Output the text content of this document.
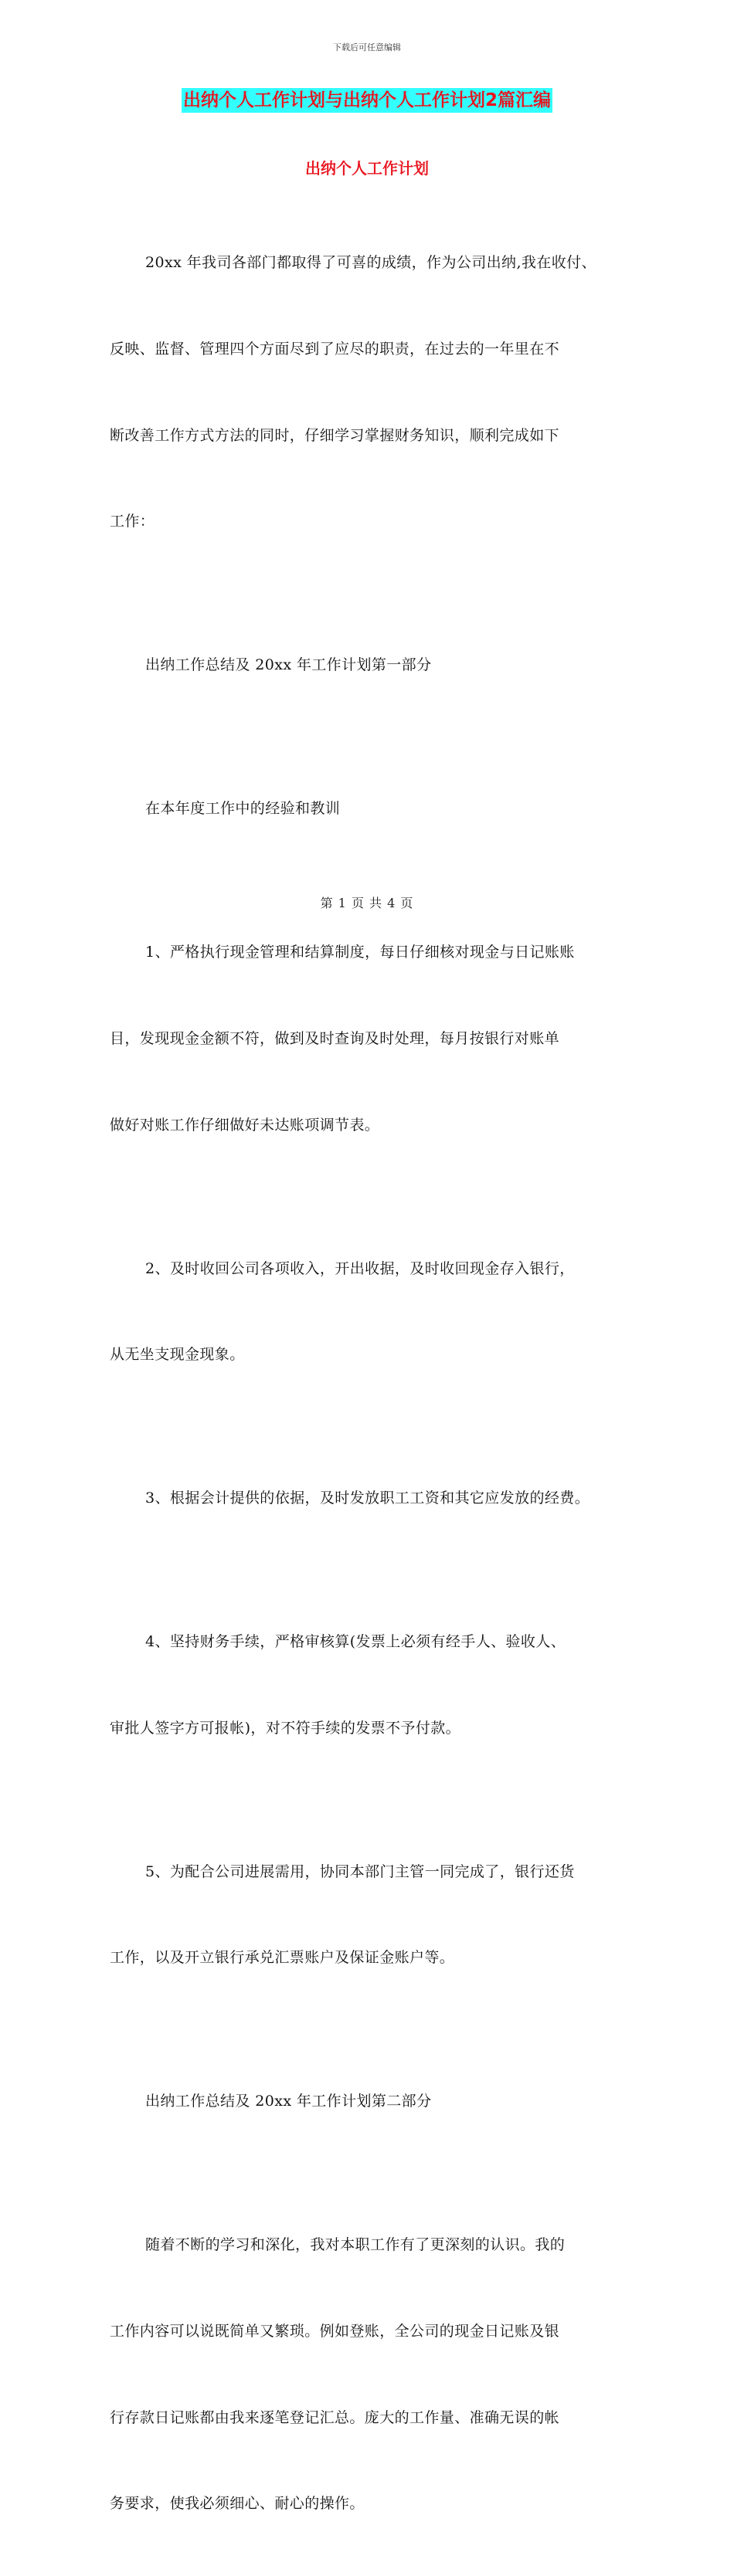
下载后可任意编辑
出纳个人工作计划与出纳个人工作计划2篇汇编
出纳个人工作计划

20xx 年我司各部门都取得了可喜的成绩，作为公司出纳,我在收付、

反映、监督、管理四个方面尽到了应尽的职责，在过去的一年里在不

断改善工作方式方法的同时，仔细学习掌握财务知识，顺利完成如下

工作：

出纳工作总结及 20xx 年工作计划第一部分

在本年度工作中的经验和教训

1、严格执行现金管理和结算制度，每日仔细核对现金与日记账账

目，发现现金金额不符，做到及时查询及时处理，每月按银行对账单

做好对账工作仔细做好未达账项调节表。

2、及时收回公司各项收入，开出收据，及时收回现金存入银行，

从无坐支现金现象。

3、根据会计提供的依据，及时发放职工工资和其它应发放的经费。

4、坚持财务手续，严格审核算(发票上必须有经手人、验收人、

审批人签字方可报帐)，对不符手续的发票不予付款。

5、为配合公司进展需用，协同本部门主管一同完成了，银行还货

工作，以及开立银行承兑汇票账户及保证金账户等。

出纳工作总结及 20xx 年工作计划第二部分

随着不断的学习和深化，我对本职工作有了更深刻的认识。我的

工作内容可以说既简单又繁琐。例如登账，全公司的现金日记账及银

行存款日记账都由我来逐笔登记汇总。庞大的工作量、准确无误的帐

务要求，使我必须细心、耐心的操作。

第 1 页 共 4 页
